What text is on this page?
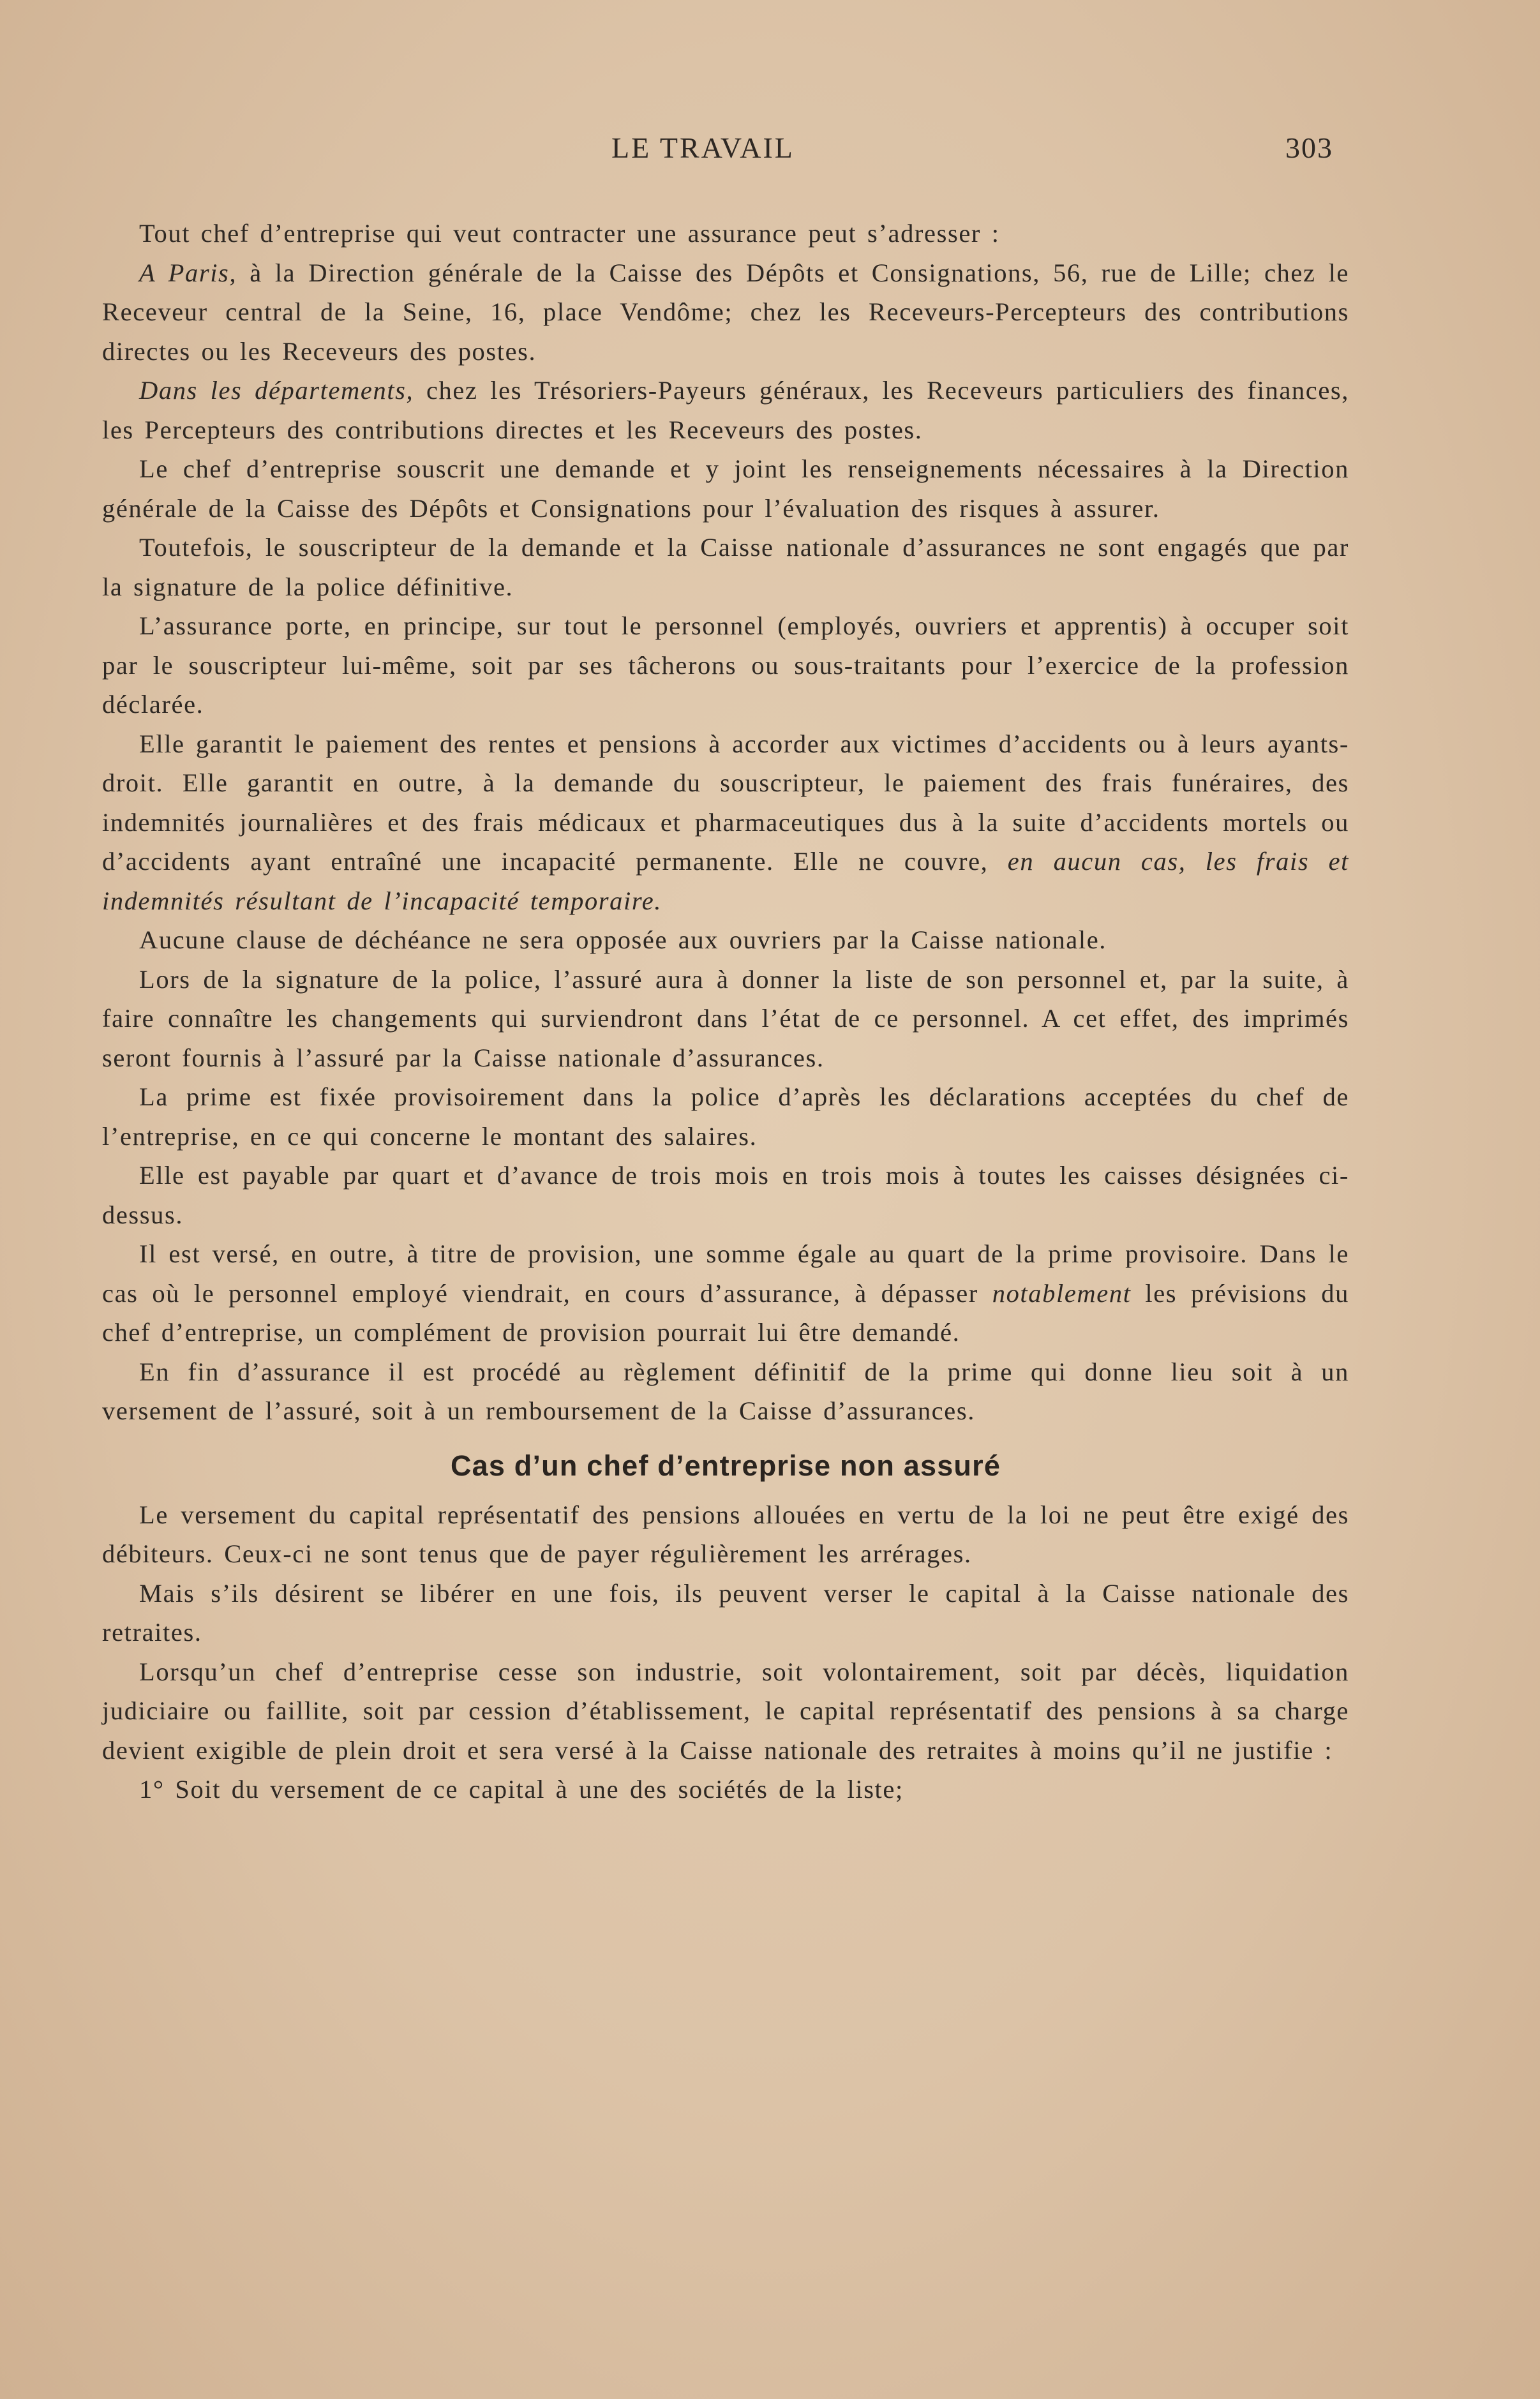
LE TRAVAIL	303

Tout chef d’entreprise qui veut contracter une assurance peut s’adresser :

A Paris, à la Direction générale de la Caisse des Dépôts et Consignations, 56, rue de Lille; chez le Receveur central de la Seine, 16, place Vendôme; chez les Receveurs-Percepteurs des contributions directes ou les Receveurs des postes.

Dans les départements, chez les Trésoriers-Payeurs généraux, les Receveurs particuliers des finances, les Percepteurs des contributions directes et les Receveurs des postes.

Le chef d’entreprise souscrit une demande et y joint les renseignements nécessaires à la Direction générale de la Caisse des Dépôts et Consignations pour l’évaluation des risques à assurer.

Toutefois, le souscripteur de la demande et la Caisse nationale d’assurances ne sont engagés que par la signature de la police définitive.

L’assurance porte, en principe, sur tout le personnel (employés, ouvriers et apprentis) à occuper soit par le souscripteur lui-même, soit par ses tâcherons ou sous-traitants pour l’exercice de la profession déclarée.

Elle garantit le paiement des rentes et pensions à accorder aux victimes d’accidents ou à leurs ayants-droit. Elle garantit en outre, à la demande du souscripteur, le paiement des frais funéraires, des indemnités journalières et des frais médicaux et pharmaceutiques dus à la suite d’accidents mortels ou d’accidents ayant entraîné une incapacité permanente. Elle ne couvre, en aucun cas, les frais et indemnités résultant de l’incapacité temporaire.

Aucune clause de déchéance ne sera opposée aux ouvriers par la Caisse nationale.

Lors de la signature de la police, l’assuré aura à donner la liste de son personnel et, par la suite, à faire connaître les changements qui surviendront dans l’état de ce personnel. A cet effet, des imprimés seront fournis à l’assuré par la Caisse nationale d’assurances.

La prime est fixée provisoirement dans la police d’après les déclarations acceptées du chef de l’entreprise, en ce qui concerne le montant des salaires.

Elle est payable par quart et d’avance de trois mois en trois mois à toutes les caisses désignées ci-dessus.

Il est versé, en outre, à titre de provision, une somme égale au quart de la prime provisoire. Dans le cas où le personnel employé viendrait, en cours d’assurance, à dépasser notablement les prévisions du chef d’entreprise, un complément de provision pourrait lui être demandé.

En fin d’assurance il est procédé au règlement définitif de la prime qui donne lieu soit à un versement de l’assuré, soit à un remboursement de la Caisse d’assurances.

Cas d’un chef d’entreprise non assuré

Le versement du capital représentatif des pensions allouées en vertu de la loi ne peut être exigé des débiteurs. Ceux-ci ne sont tenus que de payer régulièrement les arrérages.

Mais s’ils désirent se libérer en une fois, ils peuvent verser le capital à la Caisse nationale des retraites.

Lorsqu’un chef d’entreprise cesse son industrie, soit volontairement, soit par décès, liquidation judiciaire ou faillite, soit par cession d’établissement, le capital représentatif des pensions à sa charge devient exigible de plein droit et sera versé à la Caisse nationale des retraites à moins qu’il ne justifie :

1° Soit du versement de ce capital à une des sociétés de la liste;
